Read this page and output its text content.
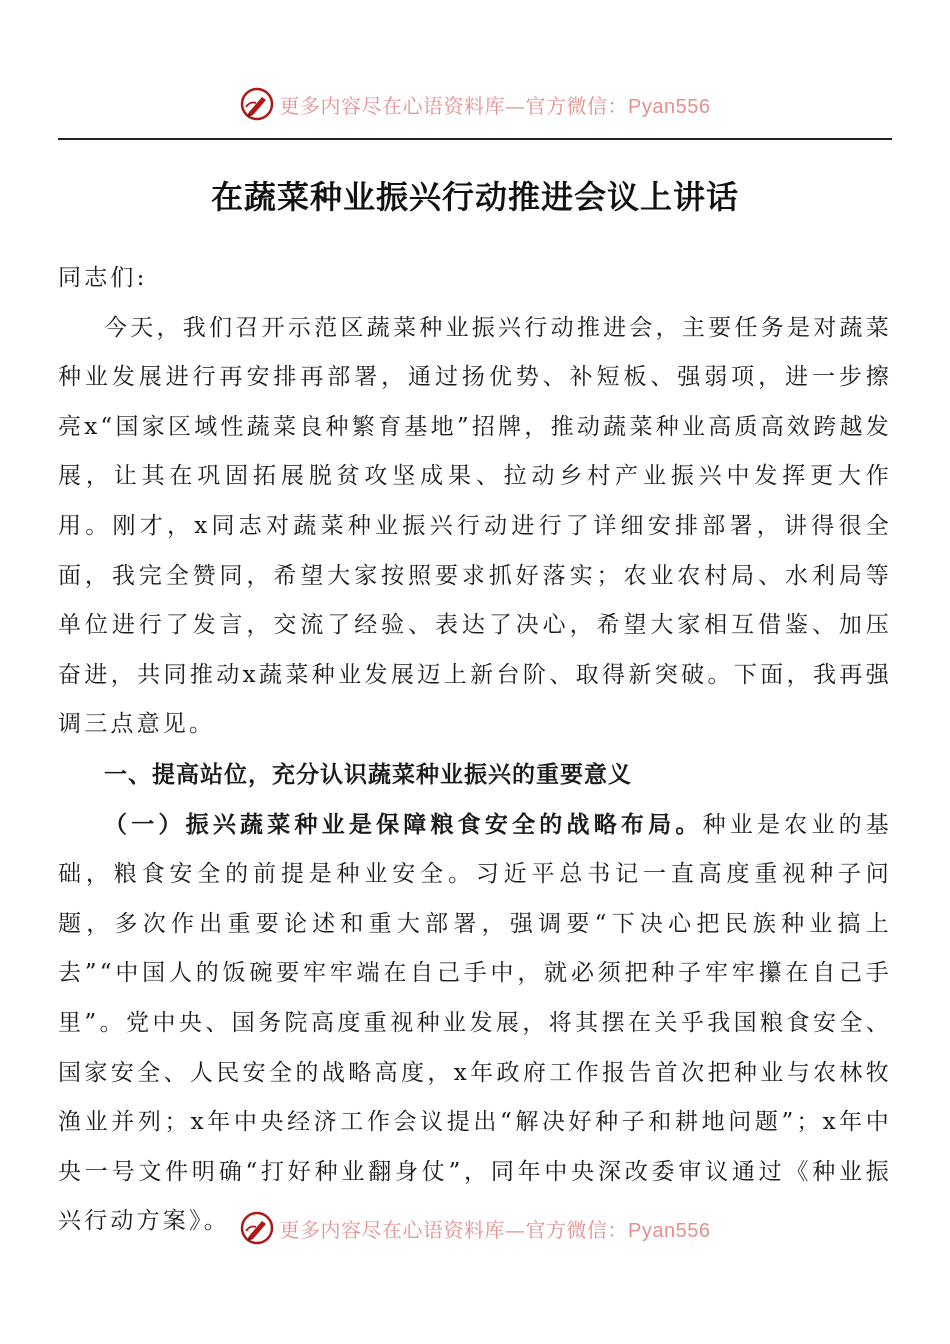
更多内容尽在心语资料库—官方微信：Pyan556
在蔬菜种业振兴行动推进会议上讲话

同志们:

今天，我们召开示范区蔬菜种业振兴行动推进会，主要任务是对蔬菜种业发展进行再安排再部署，通过扬优势、补短板、强弱项，进一步擦亮x“国家区域性蔬菜良种繁育基地”招牌，推动蔬菜种业高质高效跨越发展，让其在巩固拓展脱贫攻坚成果、拉动乡村产业振兴中发挥更大作用。刚才，x同志对蔬菜种业振兴行动进行了详细安排部署，讲得很全面，我完全赞同，希望大家按照要求抓好落实；农业农村局、水利局等单位进行了发言，交流了经验、表达了决心，希望大家相互借鉴、加压奋进，共同推动x蔬菜种业发展迈上新台阶、取得新突破。下面，我再强调三点意见。

一、提高站位，充分认识蔬菜种业振兴的重要意义

（一）振兴蔬菜种业是保障粮食安全的战略布局。种业是农业的基础，粮食安全的前提是种业安全。习近平总书记一直高度重视种子问题，多次作出重要论述和重大部署，强调要“下决心把民族种业搞上去”“中国人的饭碗要牢牢端在自己手中，就必须把种子牢牢攥在自己手里”。党中央、国务院高度重视种业发展，将其摆在关乎我国粮食安全、国家安全、人民安全的战略高度，x年政府工作报告首次把种业与农林牧渔业并列；x年中央经济工作会议提出“解决好种子和耕地问题”；x年中央一号文件明确“打好种业翻身仗”，同年中央深改委审议通过《种业振兴行动方案》。	更多内容尽在心语资料库—官方微信：Pyan556
